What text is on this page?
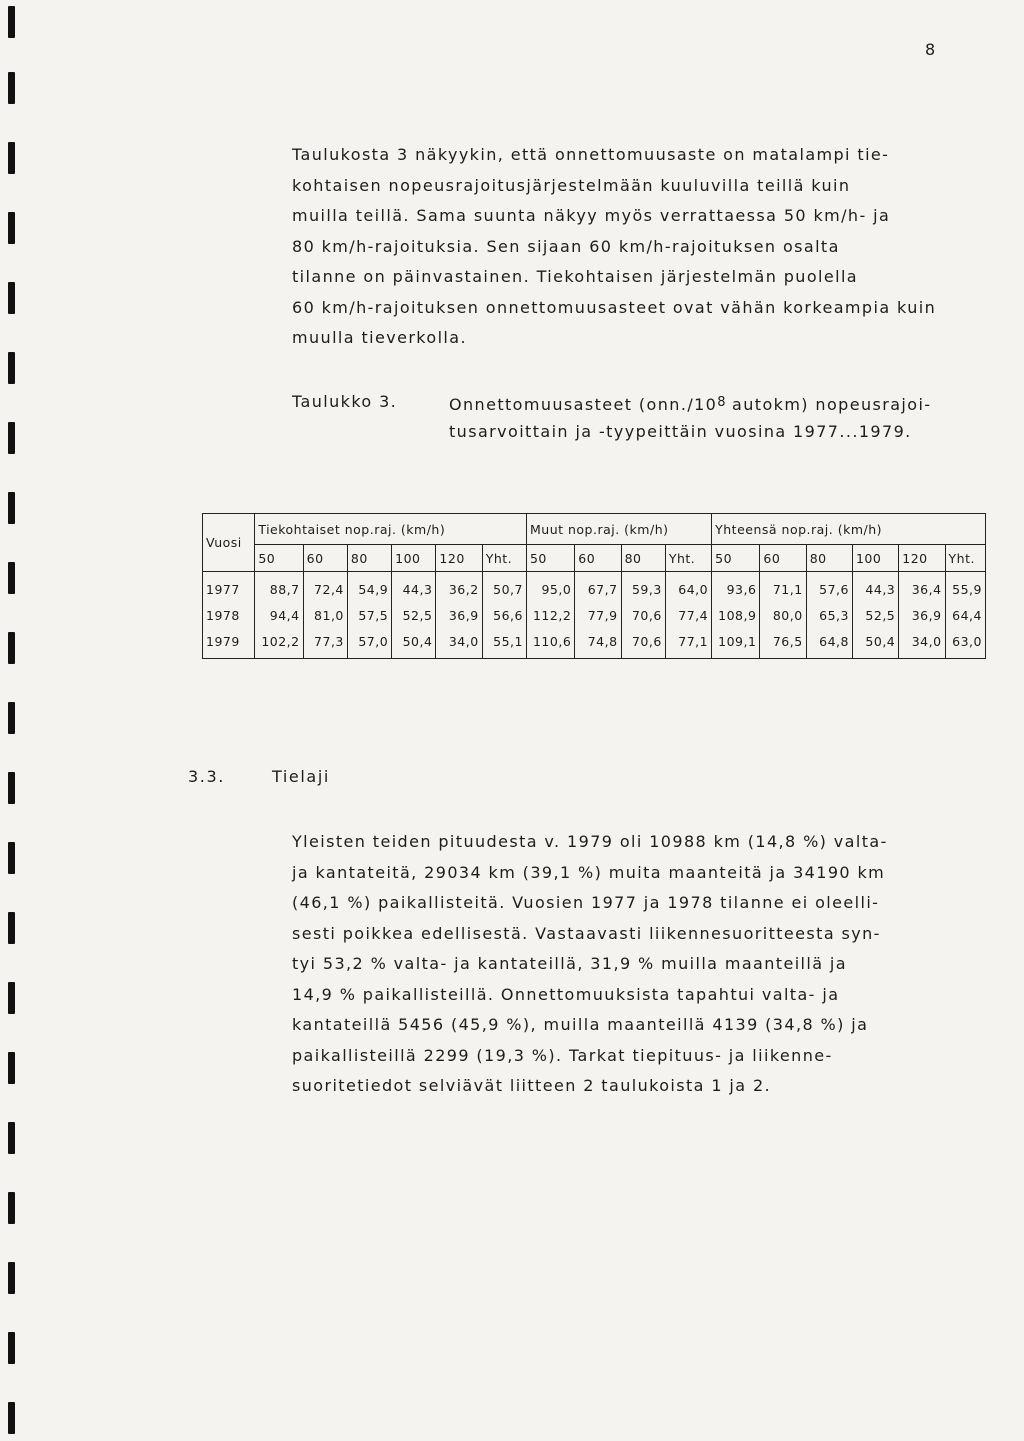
8

Taulukosta 3 näkyykin, että onnettomuusaste on matalampi tie-
kohtaisen nopeusrajoitusjärjestelmään kuuluvilla teillä kuin
muilla teillä. Sama suunta näkyy myös verrattaessa 50 km/h- ja
80 km/h-rajoituksia. Sen sijaan 60 km/h-rajoituksen osalta
tilanne on päinvastainen. Tiekohtaisen järjestelmän puolella
60 km/h-rajoituksen onnettomuusasteet ovat vähän korkeampia kuin
muulla tieverkolla.

Taulukko 3.	Onnettomuusasteet ($onn./10^8$ autokm) nopeusrajoi-
tusarvoittain ja -tyypeittäin vuosina 1977...1979.
Vuosi	Tiekohtaiset nop.raj. (km/h)						Muut nop.raj. (km/h)				Yhteensä nop.raj. (km/h)					
	50	60	80	100	120	Yht.	50	60	80	Yht.	50	60	80	100	120	Yht.
1977	88,7	72,4	54,9	44,3	36,2	50,7	95,0	67,7	59,3	64,0	93,6	71,1	57,6	44,3	36,4	55,9
1978	94,4	81,0	57,5	52,5	36,9	56,6	112,2	77,9	70,6	77,4	108,9	80,0	65,3	52,5	36,9	64,4
1979	102,2	77,3	57,0	50,4	34,0	55,1	110,6	74,8	70,6	77,1	109,1	76,5	64,8	50,4	34,0	63,0
3.3.	Tielaji

Yleisten teiden pituudesta v. 1979 oli 10988 km (14,8 %) valta-
ja kantateitä, 29034 km (39,1 %) muita maanteitä ja 34190 km
(46,1 %) paikallisteitä. Vuosien 1977 ja 1978 tilanne ei oleelli-
sesti poikkea edellisestä. Vastaavasti liikennesuoritteesta syn-
tyi 53,2 % valta- ja kantateillä, 31,9 % muilla maanteillä ja
14,9 % paikallisteillä. Onnettomuuksista tapahtui valta- ja
kantateillä 5456 (45,9 %), muilla maanteillä 4139 (34,8 %) ja
paikallisteillä 2299 (19,3 %). Tarkat tiepituus- ja liikenne-
suoritetiedot selviävät liitteen 2 taulukoista 1 ja 2.
